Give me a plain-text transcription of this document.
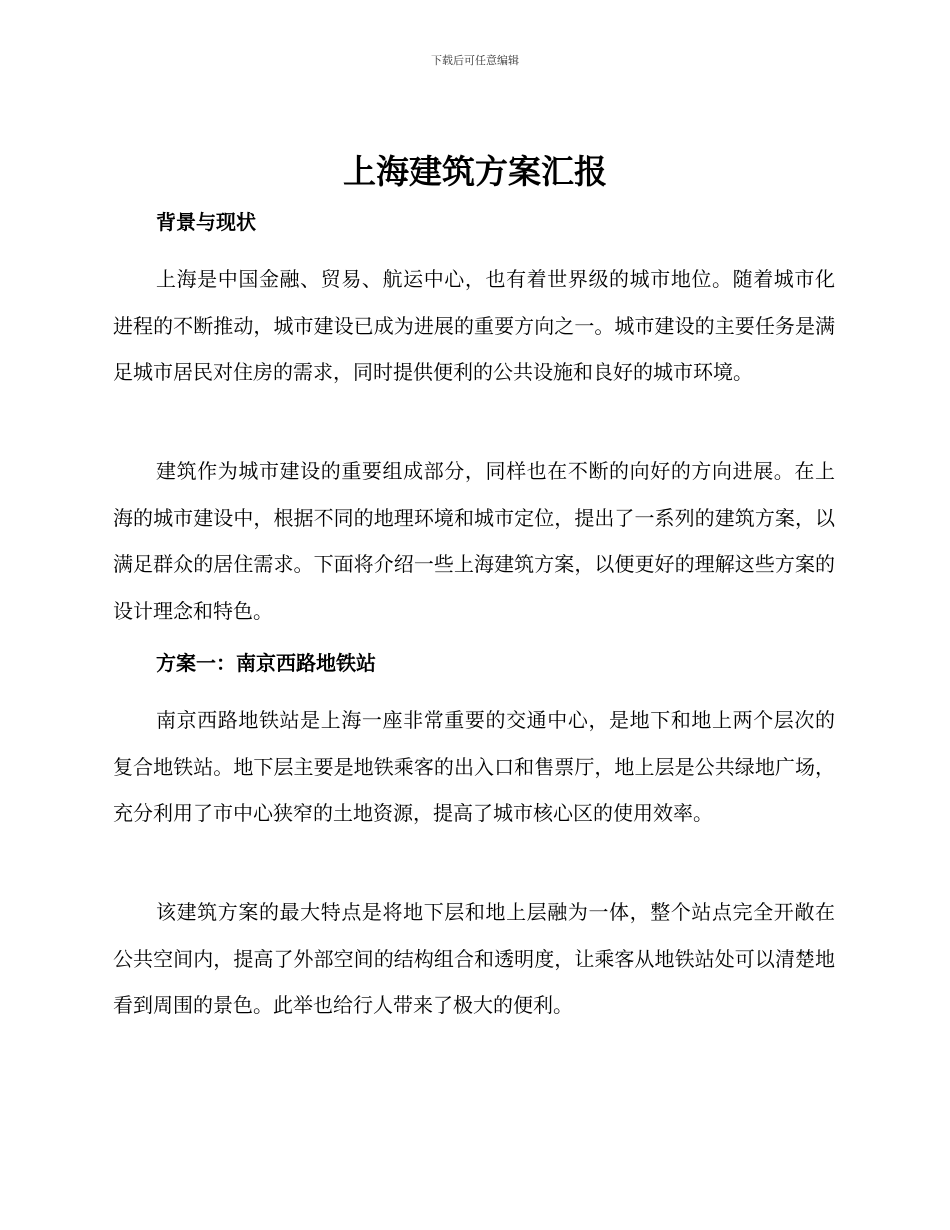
下载后可任意编辑
上海建筑方案汇报
背景与现状

上海是中国金融、贸易、航运中心，也有着世界级的城市地位。随着城市化进程的不断推动，城市建设已成为进展的重要方向之一。城市建设的主要任务是满足城市居民对住房的需求，同时提供便利的公共设施和良好的城市环境。

建筑作为城市建设的重要组成部分，同样也在不断的向好的方向进展。在上海的城市建设中，根据不同的地理环境和城市定位，提出了一系列的建筑方案，以满足群众的居住需求。下面将介绍一些上海建筑方案，以便更好的理解这些方案的设计理念和特色。

方案一：南京西路地铁站

南京西路地铁站是上海一座非常重要的交通中心，是地下和地上两个层次的复合地铁站。地下层主要是地铁乘客的出入口和售票厅，地上层是公共绿地广场，充分利用了市中心狭窄的土地资源，提高了城市核心区的使用效率。

该建筑方案的最大特点是将地下层和地上层融为一体，整个站点完全开敞在公共空间内，提高了外部空间的结构组合和透明度，让乘客从地铁站处可以清楚地看到周围的景色。此举也给行人带来了极大的便利。
